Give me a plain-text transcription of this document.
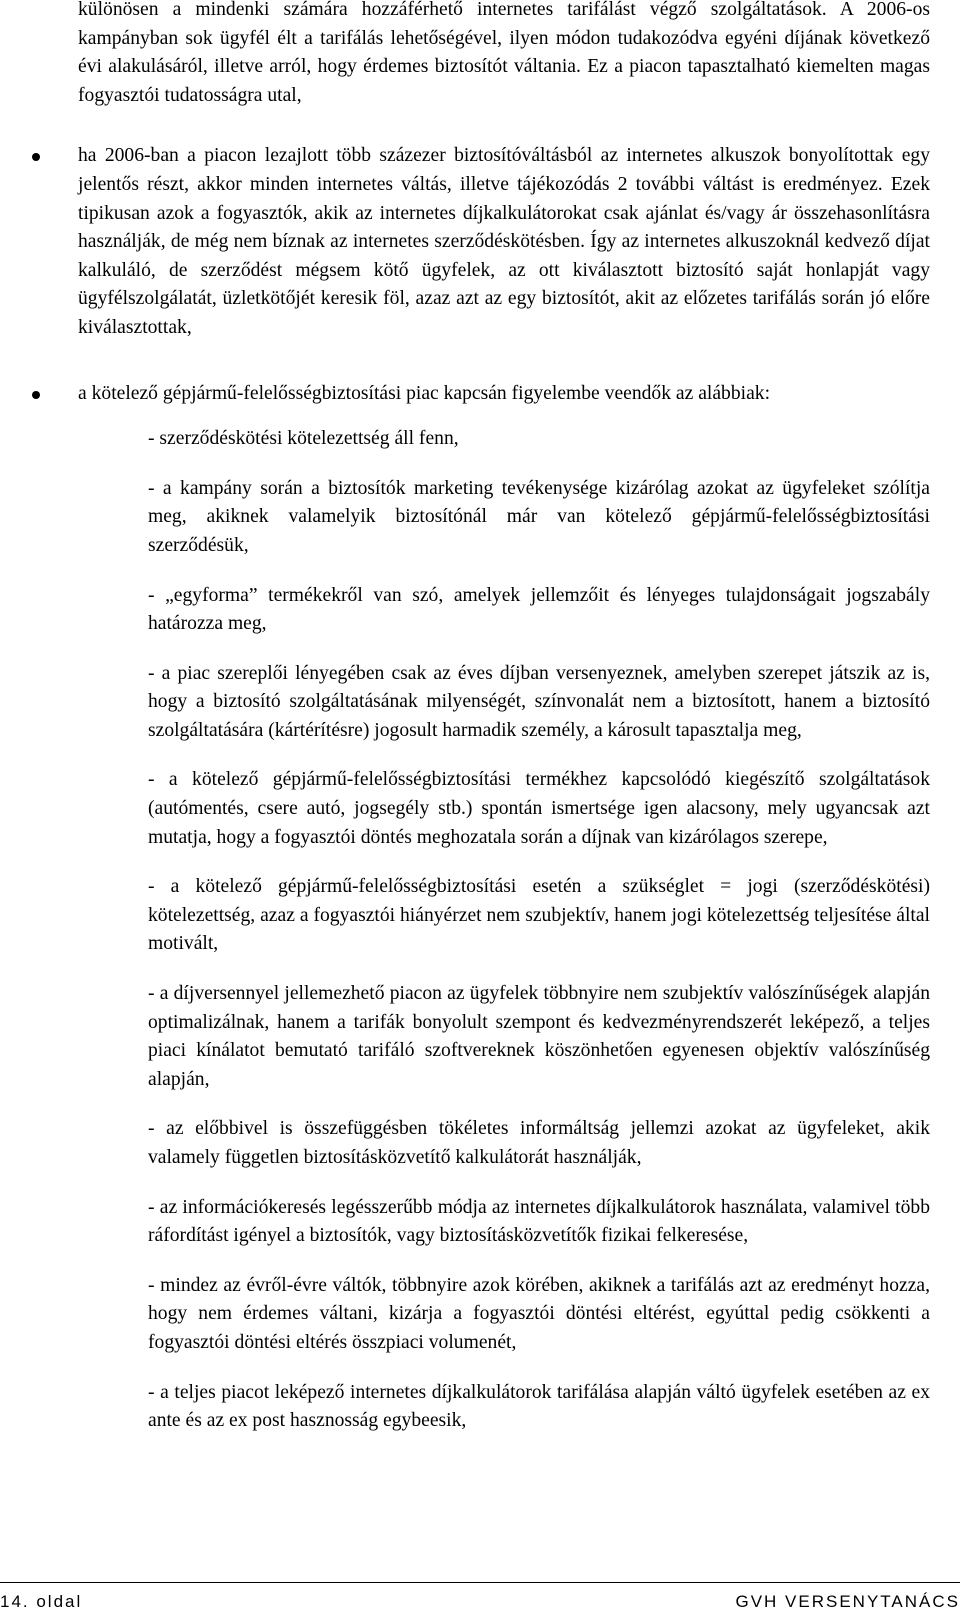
különösen a mindenki számára hozzáférhető internetes tarifálást végző szolgáltatások. A 2006-os kampányban sok ügyfél élt a tarifálás lehetőségével, ilyen módon tudakozódva egyéni díjának következő évi alakulásáról, illetve arról, hogy érdemes biztosítót váltania. Ez a piacon tapasztalható kiemelten magas fogyasztói tudatosságra utal,

ha 2006-ban a piacon lezajlott több százezer biztosítóváltásból az internetes alkuszok bonyolítottak egy jelentős részt, akkor minden internetes váltás, illetve tájékozódás 2 további váltást is eredményez. Ezek tipikusan azok a fogyasztók, akik az internetes díjkalkulátorokat csak ajánlat és/vagy ár összehasonlításra használják, de még nem bíznak az internetes szerződéskötésben. Így az internetes alkuszoknál kedvező díjat kalkuláló, de szerződést mégsem kötő ügyfelek, az ott kiválasztott biztosító saját honlapját vagy ügyfélszolgálatát, üzletkötőjét keresik föl, azaz azt az egy biztosítót, akit az előzetes tarifálás során jó előre kiválasztottak,

a kötelező gépjármű-felelősségbiztosítási piac kapcsán figyelembe veendők az alábbiak:

- szerződéskötési kötelezettség áll fenn,

- a kampány során a biztosítók marketing tevékenysége kizárólag azokat az ügyfeleket szólítja meg, akiknek valamelyik biztosítónál már van kötelező gépjármű-felelősségbiztosítási szerződésük,

- „egyforma” termékekről van szó, amelyek jellemzőit és lényeges tulajdonságait jogszabály határozza meg,

- a piac szereplői lényegében csak az éves díjban versenyeznek, amelyben szerepet játszik az is, hogy a biztosító szolgáltatásának milyenségét, színvonalát nem a biztosított, hanem a biztosító szolgáltatására (kártérítésre) jogosult harmadik személy, a károsult tapasztalja meg,

- a kötelező gépjármű-felelősségbiztosítási termékhez kapcsolódó kiegészítő szolgáltatások (autómentés, csere autó, jogsegély stb.) spontán ismertsége igen alacsony, mely ugyancsak azt mutatja, hogy a fogyasztói döntés meghozatala során a díjnak van kizárólagos szerepe,

- a kötelező gépjármű-felelősségbiztosítási esetén a szükséglet = jogi (szerződéskötési) kötelezettség, azaz a fogyasztói hiányérzet nem szubjektív, hanem jogi kötelezettség teljesítése által motivált,

- a díjversennyel jellemezhető piacon az ügyfelek többnyire nem szubjektív valószínűségek alapján optimalizálnak, hanem a tarifák bonyolult szempont és kedvezményrendszerét leképező, a teljes piaci kínálatot bemutató tarifáló szoftvereknek köszönhetően egyenesen objektív valószínűség alapján,

- az előbbivel is összefüggésben tökéletes informáltság jellemzi azokat az ügyfeleket, akik valamely független biztosításközvetítő kalkulátorát használják,

- az információkeresés legésszerűbb módja az internetes díjkalkulátorok használata, valamivel több ráfordítást igényel a biztosítók, vagy biztosításközvetítők fizikai felkeresése,

- mindez az évről-évre váltók, többnyire azok körében, akiknek a tarifálás azt az eredményt hozza, hogy nem érdemes váltani, kizárja a fogyasztói döntési eltérést, egyúttal pedig csökkenti a fogyasztói döntési eltérés összpiaci volumenét,

- a teljes piacot leképező internetes díjkalkulátorok tarifálása alapján váltó ügyfelek esetében az ex ante és az ex post hasznosság egybeesik,

14. oldal	GVH VERSENYTANÁCS
